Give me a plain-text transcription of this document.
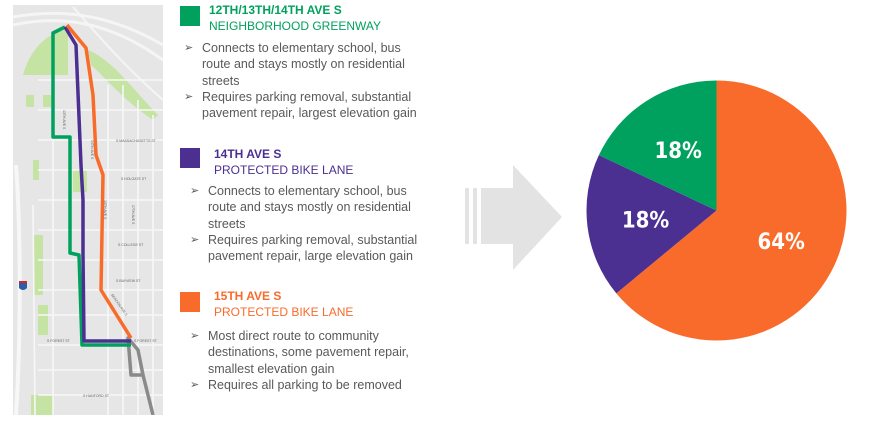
13TH AVE S
14TH AVE S	S MASSACHUSETTS ST
S HOLGATE ST
15TH AVE S	17TH AVE S
S COLLEGE ST
S BAYVIEW ST
BEACON AVE S
S FOREST ST	S FOREST ST
S HANFORD ST
12TH/13TH/14TH AVE S
NEIGHBORHOOD GREENWAY
➢ Connects to elementary school, bus route and stays mostly on residential streets
➢ Requires parking removal, substantial pavement repair, largest elevation gain
14TH AVE S
PROTECTED BIKE LANE
➢ Connects to elementary school, bus route and stays mostly on residential streets
➢ Requires parking removal, substantial pavement repair, large elevation gain
15TH AVE S
PROTECTED BIKE LANE
➢ Most direct route to community destinations, some pavement repair, smallest elevation gain
➢ Requires all parking to be removed
64%
18%
18%
